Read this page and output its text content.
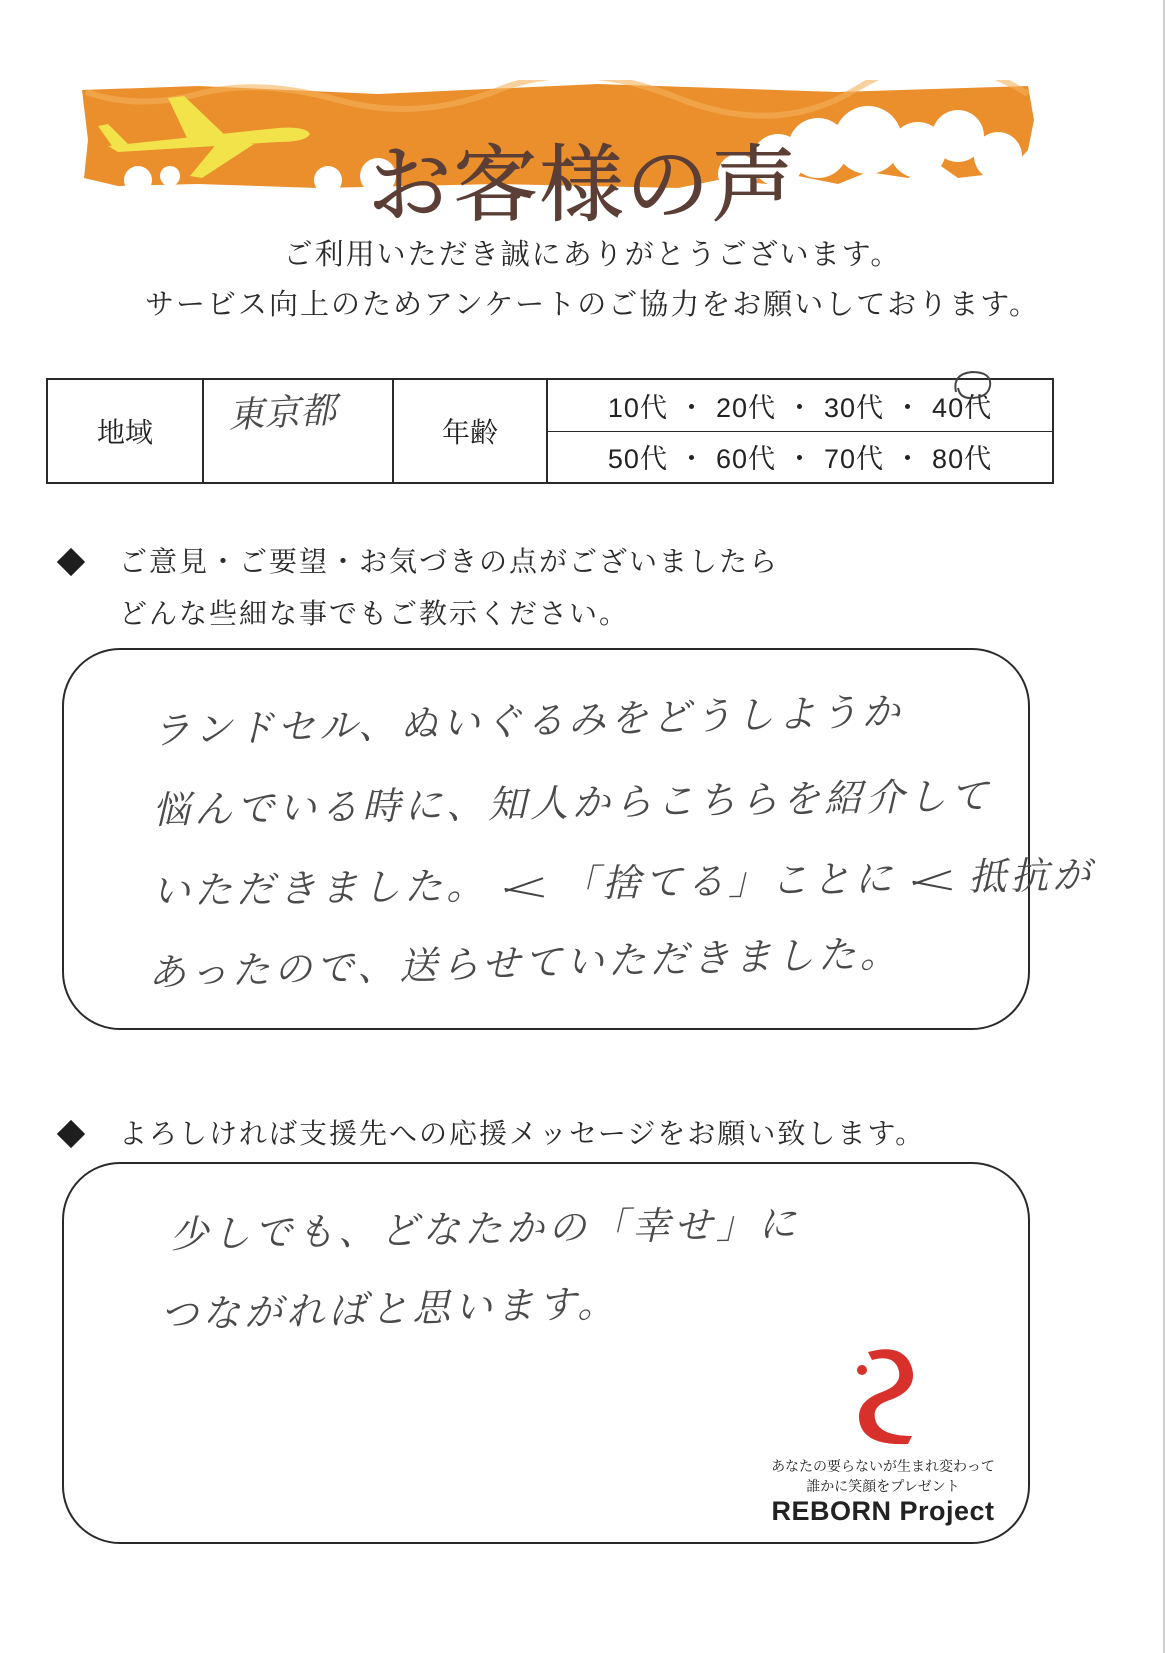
お客様の声
ご利用いただき誠にありがとうございます。
サービス向上のためアンケートのご協力をお願いしております。
地域	年齢
10代 ・ 20代 ・ 30代 ・ 40代
50代 ・ 60代 ・ 70代 ・ 80代
東京都
ご意見・ご要望・お気づきの点がございましたら
どんな些細な事でもご教示ください。
ランドセル、ぬいぐるみをどうしようか
悩んでいる時に、知人からこちらを紹介して
いただきました。 「捨てる」ことに 抵抗が
あったので、送らせていただきました。
よろしければ支援先への応援メッセージをお願い致します。
少しでも、どなたかの「幸せ」に
つながればと思います。
あなたの要らないが生まれ変わって
誰かに笑顔をプレゼント
REBORN Project
